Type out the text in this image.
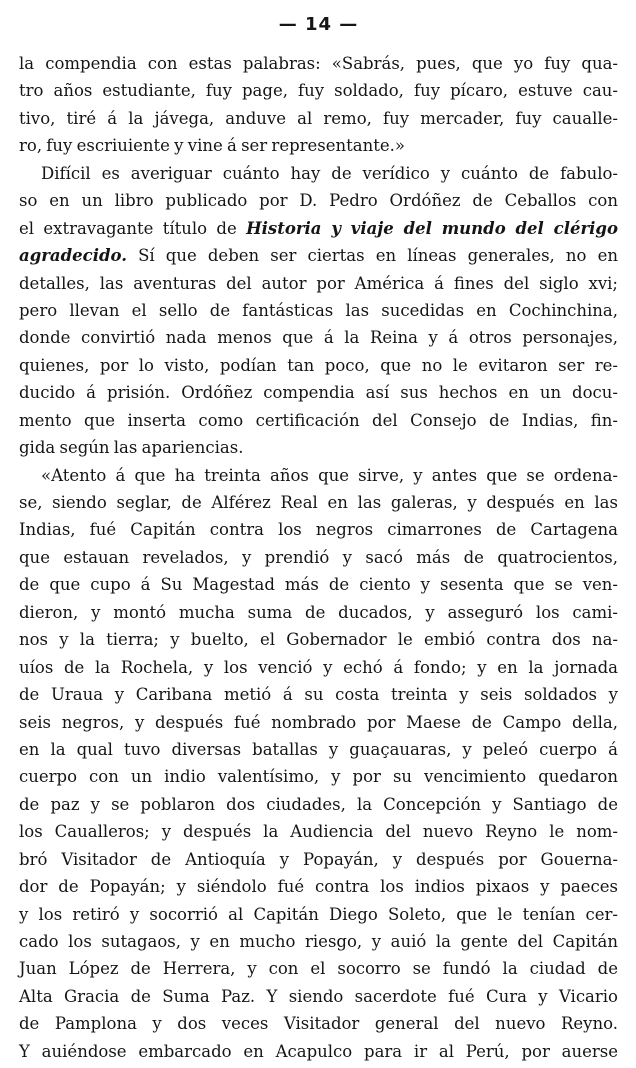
— 14 —
la compendia con estas palabras: «Sabrás, pues, que yo fuy qua-
tro años estudiante, fuy page, fuy soldado, fuy pícaro, estuve cau-
tivo, tiré á la jávega, anduve al remo, fuy mercader, fuy caualle-
ro, fuy escriuiente y vine á ser representante.»
Difícil es averiguar cuánto hay de verídico y cuánto de fabulo-
so en un libro publicado por D. Pedro Ordóñez de Ceballos con
el extravagante título de Historia y viaje del mundo del clérigo
agradecido. Sí que deben ser ciertas en líneas generales, no en
detalles, las aventuras del autor por América á fines del siglo xvi;
pero llevan el sello de fantásticas las sucedidas en Cochinchina,
donde convirtió nada menos que á la Reina y á otros personajes,
quienes, por lo visto, podían tan poco, que no le evitaron ser re-
ducido á prisión. Ordóñez compendia así sus hechos en un docu-
mento que inserta como certificación del Consejo de Indias, fin-
gida según las apariencias.
«Atento á que ha treinta años que sirve, y antes que se ordena-
se, siendo seglar, de Alférez Real en las galeras, y después en las
Indias, fué Capitán contra los negros cimarrones de Cartagena
que estauan revelados, y prendió y sacó más de quatrocientos,
de que cupo á Su Magestad más de ciento y sesenta que se ven-
dieron, y montó mucha suma de ducados, y asseguró los cami-
nos y la tierra; y buelto, el Gobernador le embió contra dos na-
uíos de la Rochela, y los venció y echó á fondo; y en la jornada
de Uraua y Caribana metió á su costa treinta y seis soldados y
seis negros, y después fué nombrado por Maese de Campo della,
en la qual tuvo diversas batallas y guaçauaras, y peleó cuerpo á
cuerpo con un indio valentísimo, y por su vencimiento quedaron
de paz y se poblaron dos ciudades, la Concepción y Santiago de
los Caualleros; y después la Audiencia del nuevo Reyno le nom-
bró Visitador de Antioquía y Popayán, y después por Gouerna-
dor de Popayán; y siéndolo fué contra los indios pixaos y paeces
y los retiró y socorrió al Capitán Diego Soleto, que le tenían cer-
cado los sutagaos, y en mucho riesgo, y auió la gente del Capitán
Juan López de Herrera, y con el socorro se fundó la ciudad de
Alta Gracia de Suma Paz. Y siendo sacerdote fué Cura y Vicario
de Pamplona y dos veces Visitador general del nuevo Reyno.
Y auiéndose embarcado en Acapulco para ir al Perú, por auerse
